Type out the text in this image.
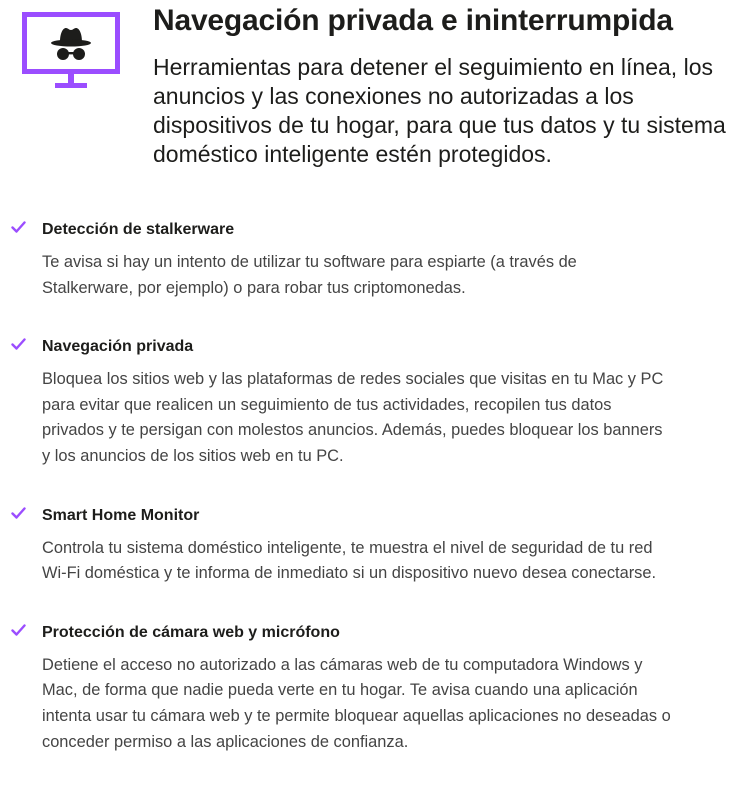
Navegación privada e ininterrumpida

Herramientas para detener el seguimiento en línea, los anuncios y las conexiones no autorizadas a los dispositivos de tu hogar, para que tus datos y tu sistema doméstico inteligente estén protegidos.

Detección de stalkerware

Te avisa si hay un intento de utilizar tu software para espiarte (a través de Stalkerware, por ejemplo) o para robar tus criptomonedas.

Navegación privada

Bloquea los sitios web y las plataformas de redes sociales que visitas en tu Mac y PC para evitar que realicen un seguimiento de tus actividades, recopilen tus datos privados y te persigan con molestos anuncios. Además, puedes bloquear los banners y los anuncios de los sitios web en tu PC.

Smart Home Monitor

Controla tu sistema doméstico inteligente, te muestra el nivel de seguridad de tu red Wi-Fi doméstica y te informa de inmediato si un dispositivo nuevo desea conectarse.

Protección de cámara web y micrófono

Detiene el acceso no autorizado a las cámaras web de tu computadora Windows y Mac, de forma que nadie pueda verte en tu hogar. Te avisa cuando una aplicación intenta usar tu cámara web y te permite bloquear aquellas aplicaciones no deseadas o conceder permiso a las aplicaciones de confianza.
